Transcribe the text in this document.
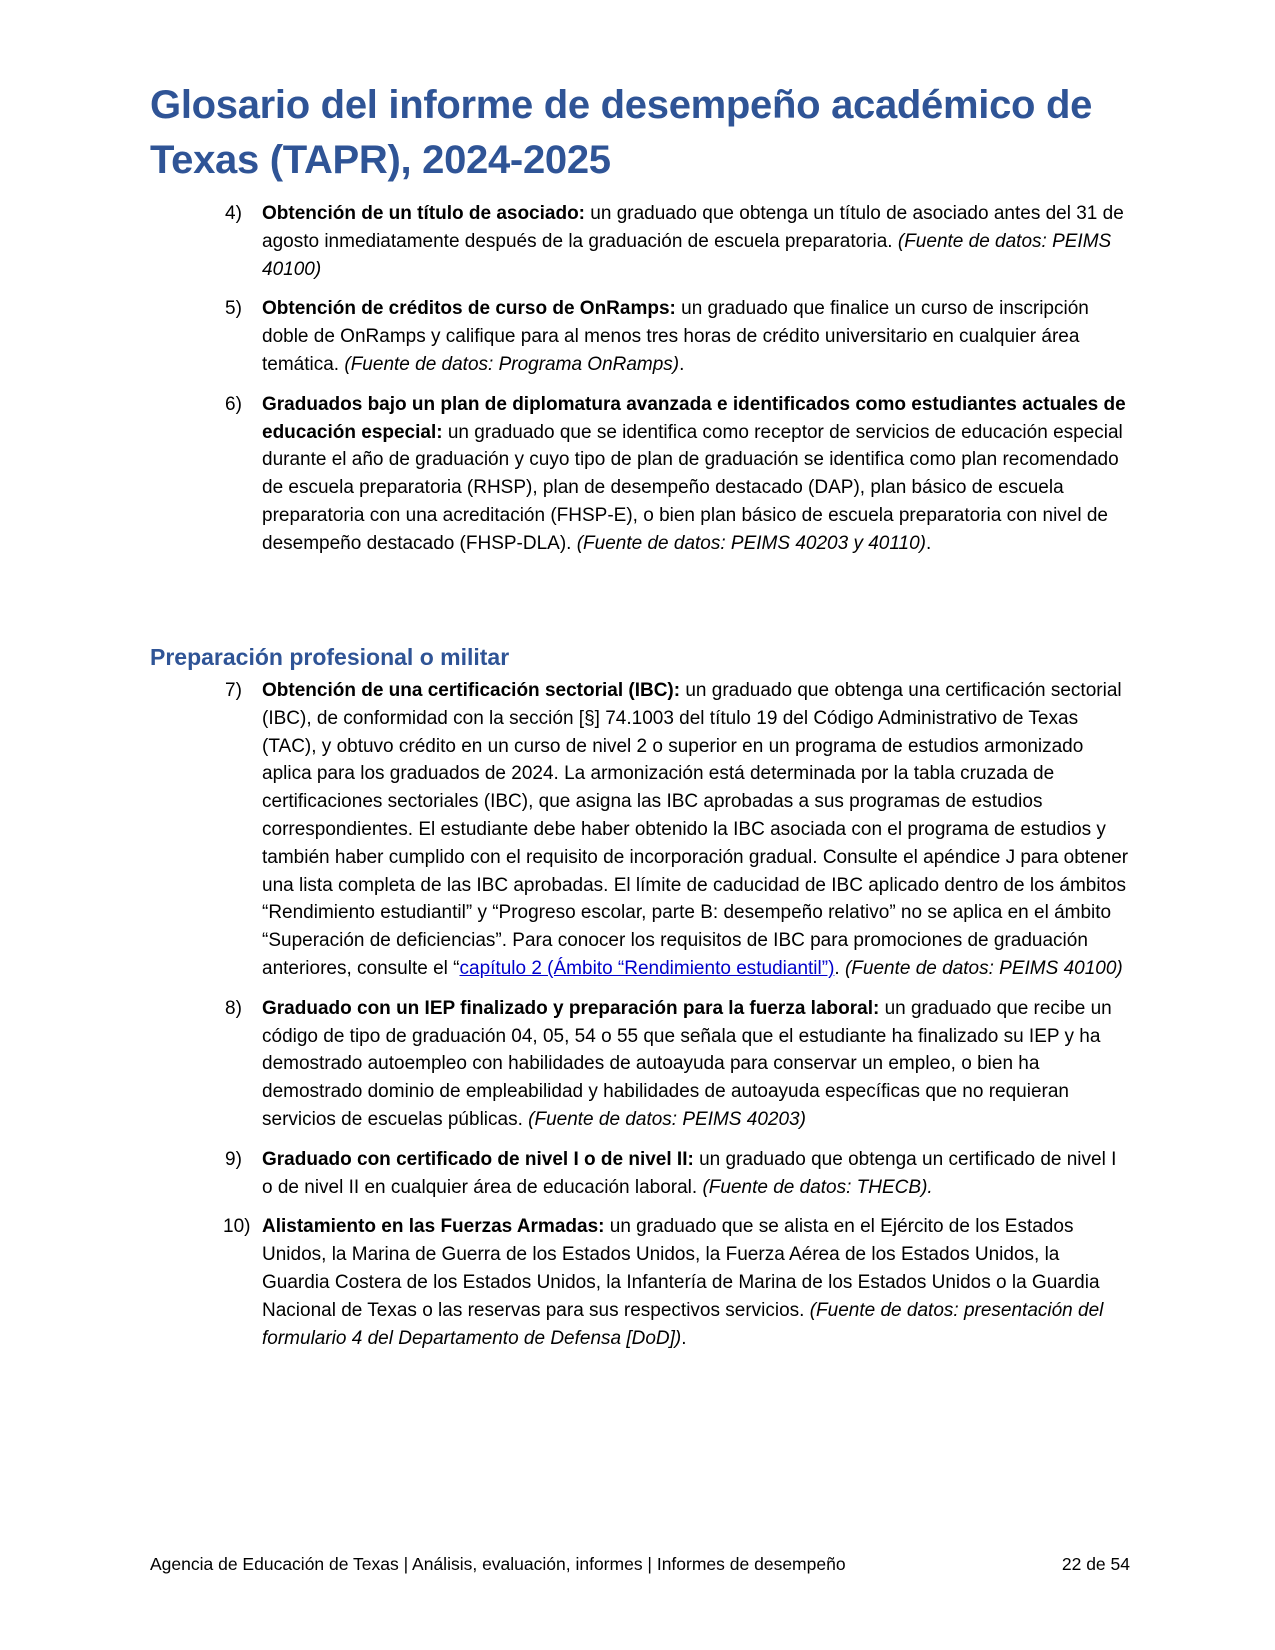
Glosario del informe de desempeño académico de Texas (TAPR), 2024-2025
4) Obtención de un título de asociado: un graduado que obtenga un título de asociado antes del 31 de agosto inmediatamente después de la graduación de escuela preparatoria. (Fuente de datos: PEIMS 40100)
5) Obtención de créditos de curso de OnRamps: un graduado que finalice un curso de inscripción doble de OnRamps y califique para al menos tres horas de crédito universitario en cualquier área temática. (Fuente de datos: Programa OnRamps).
6) Graduados bajo un plan de diplomatura avanzada e identificados como estudiantes actuales de educación especial: un graduado que se identifica como receptor de servicios de educación especial durante el año de graduación y cuyo tipo de plan de graduación se identifica como plan recomendado de escuela preparatoria (RHSP), plan de desempeño destacado (DAP), plan básico de escuela preparatoria con una acreditación (FHSP-E), o bien plan básico de escuela preparatoria con nivel de desempeño destacado (FHSP-DLA). (Fuente de datos: PEIMS 40203 y 40110).
Preparación profesional o militar
7) Obtención de una certificación sectorial (IBC): un graduado que obtenga una certificación sectorial (IBC), de conformidad con la sección [§] 74.1003 del título 19 del Código Administrativo de Texas (TAC), y obtuvo crédito en un curso de nivel 2 o superior en un programa de estudios armonizado aplica para los graduados de 2024. La armonización está determinada por la tabla cruzada de certificaciones sectoriales (IBC), que asigna las IBC aprobadas a sus programas de estudios correspondientes. El estudiante debe haber obtenido la IBC asociada con el programa de estudios y también haber cumplido con el requisito de incorporación gradual. Consulte el apéndice J para obtener una lista completa de las IBC aprobadas. El límite de caducidad de IBC aplicado dentro de los ámbitos “Rendimiento estudiantil” y “Progreso escolar, parte B: desempeño relativo” no se aplica en el ámbito “Superación de deficiencias”. Para conocer los requisitos de IBC para promociones de graduación anteriores, consulte el “capítulo 2 (Ámbito “Rendimiento estudiantil”). (Fuente de datos: PEIMS 40100)
8) Graduado con un IEP finalizado y preparación para la fuerza laboral: un graduado que recibe un código de tipo de graduación 04, 05, 54 o 55 que señala que el estudiante ha finalizado su IEP y ha demostrado autoempleo con habilidades de autoayuda para conservar un empleo, o bien ha demostrado dominio de empleabilidad y habilidades de autoayuda específicas que no requieran servicios de escuelas públicas. (Fuente de datos: PEIMS 40203)
9) Graduado con certificado de nivel I o de nivel II: un graduado que obtenga un certificado de nivel I o de nivel II en cualquier área de educación laboral. (Fuente de datos: THECB).
10) Alistamiento en las Fuerzas Armadas: un graduado que se alista en el Ejército de los Estados Unidos, la Marina de Guerra de los Estados Unidos, la Fuerza Aérea de los Estados Unidos, la Guardia Costera de los Estados Unidos, la Infantería de Marina de los Estados Unidos o la Guardia Nacional de Texas o las reservas para sus respectivos servicios. (Fuente de datos: presentación del formulario 4 del Departamento de Defensa [DoD]).
Agencia de Educación de Texas | Análisis, evaluación, informes | Informes de desempeño	22 de 54
